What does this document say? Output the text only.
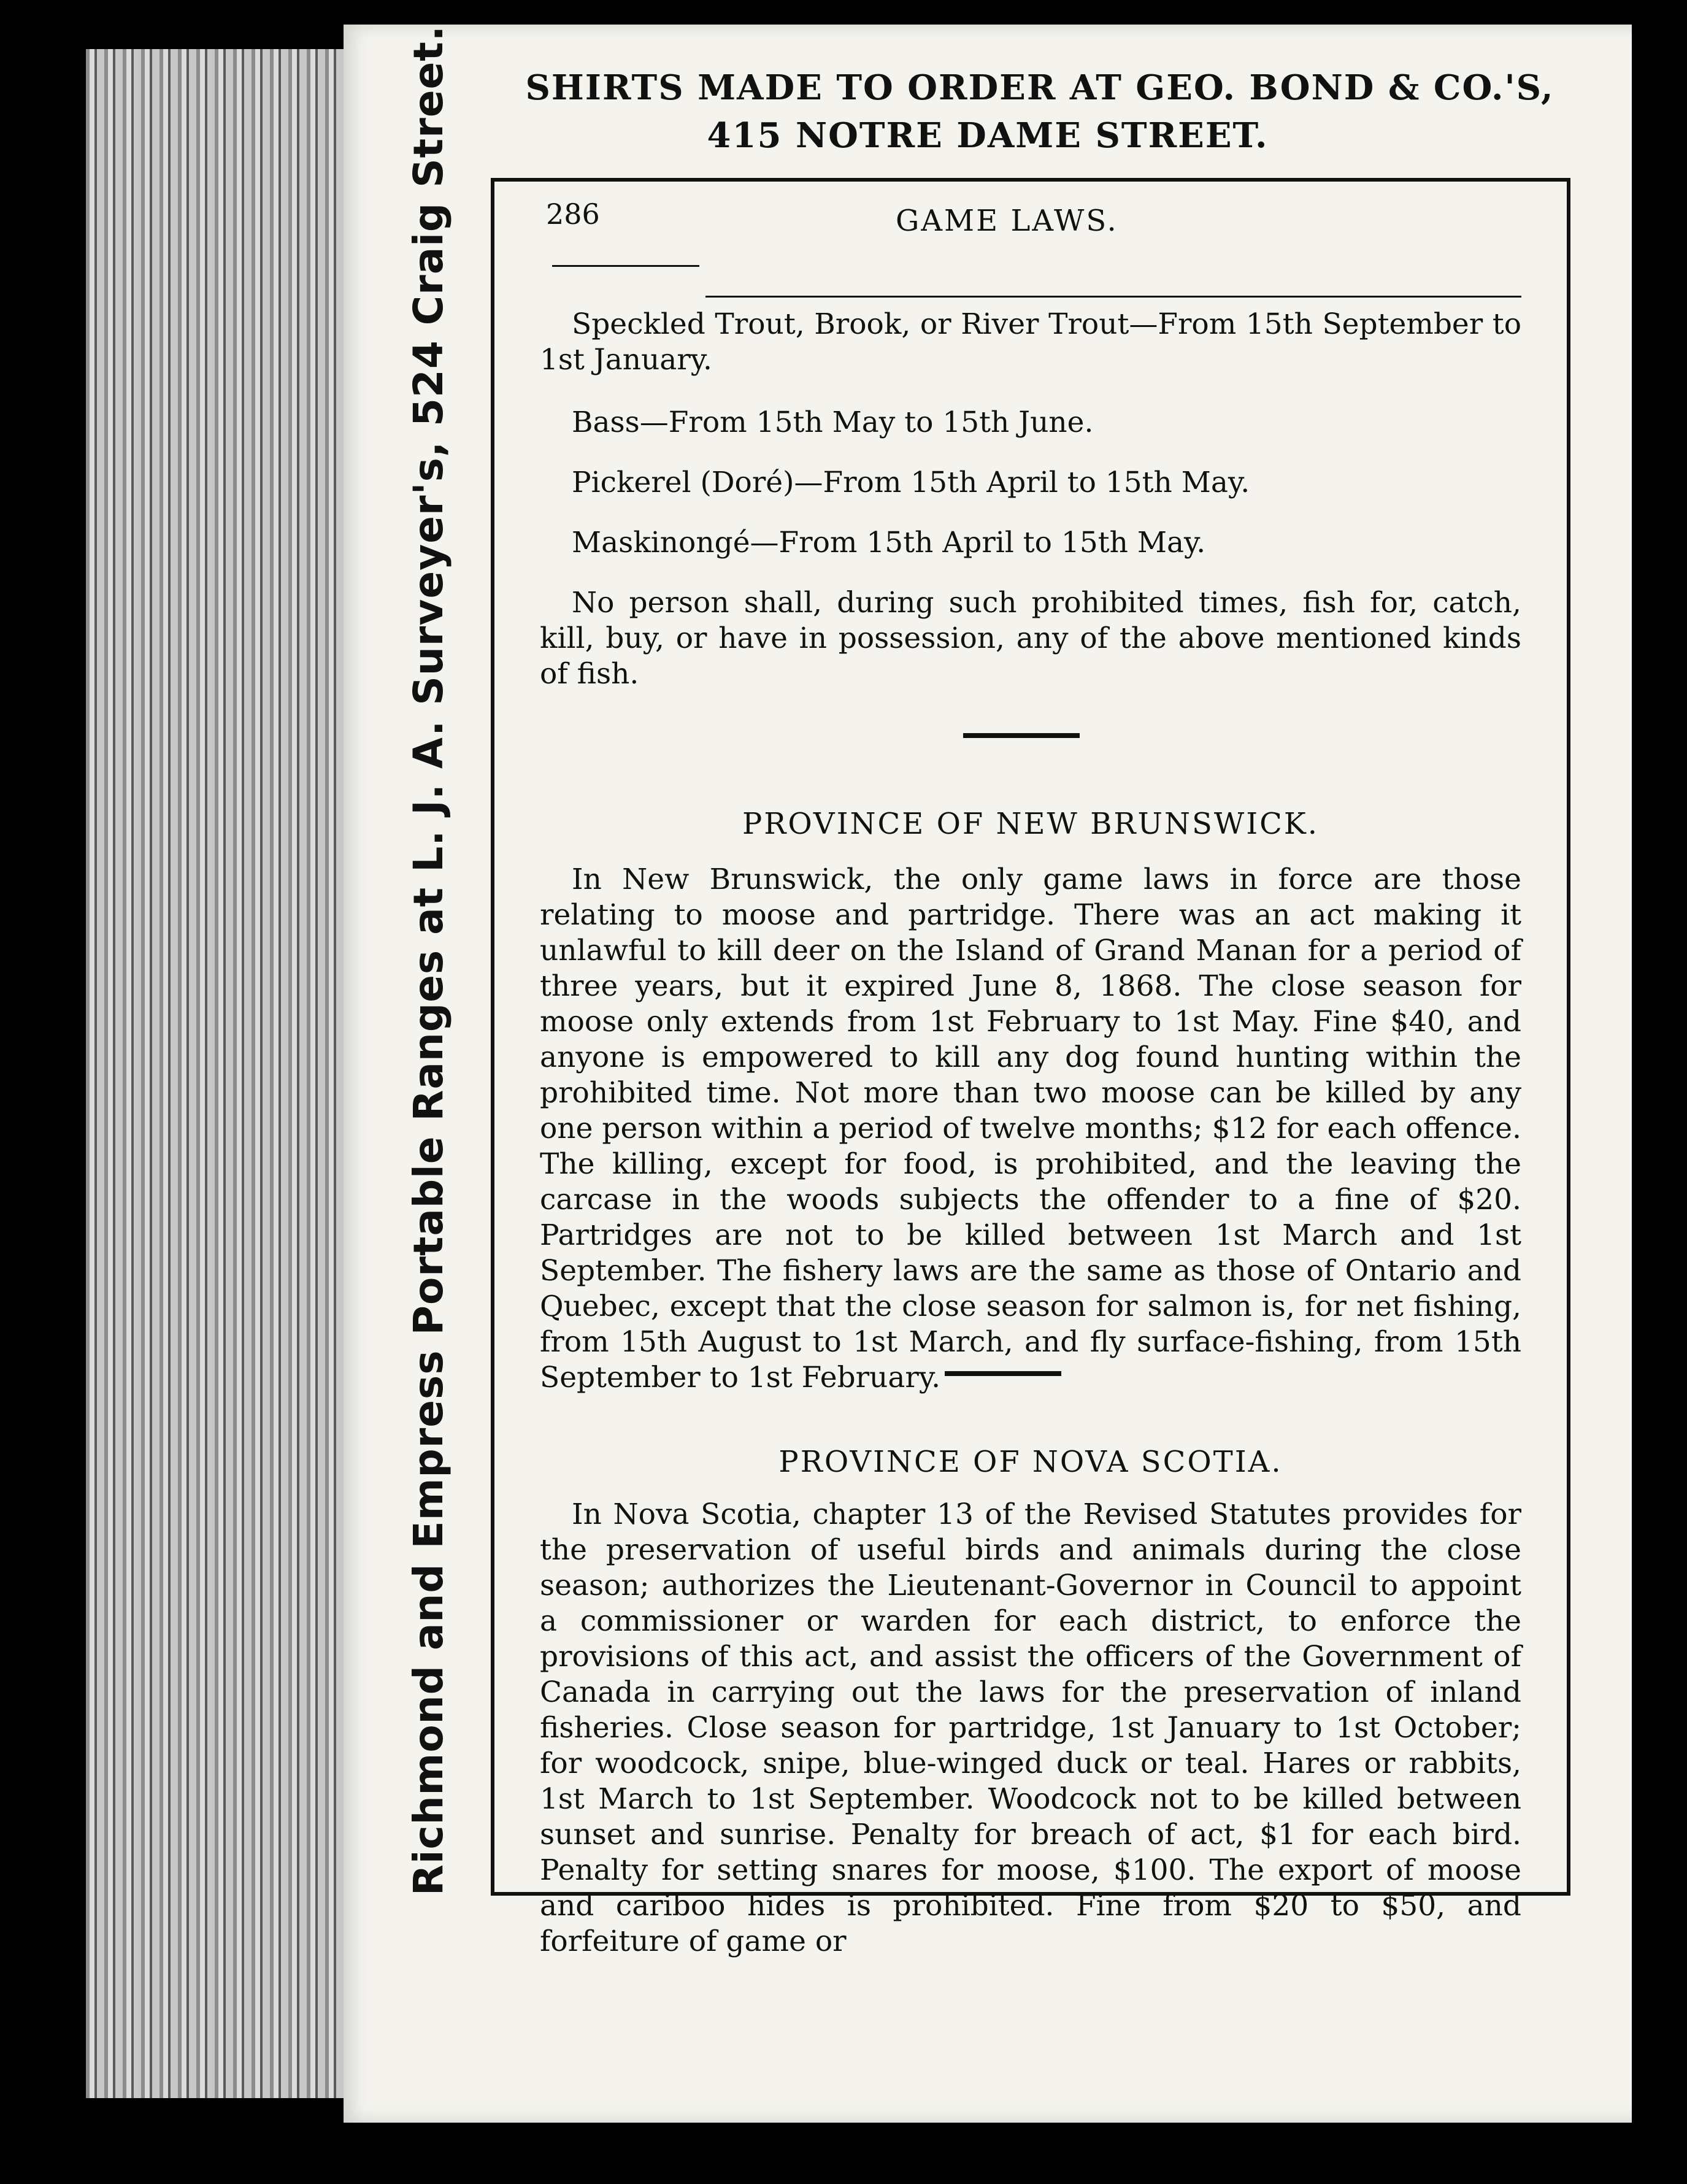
SHIRTS MADE TO ORDER AT GEO. BOND & CO.'S,
415 NOTRE DAME STREET.
Richmond and Empress Portable Ranges at L. J. A. Surveyer's, 524 Craig Street.	286	GAME LAWS.
Speckled Trout, Brook, or River Trout—From 15th September to 1st January.
Bass—From 15th May to 15th June.
Pickerel (Doré)—From 15th April to 15th May.
Maskinongé—From 15th April to 15th May.
No person shall, during such prohibited times, fish for, catch, kill, buy, or have in possession, any of the above mentioned kinds of fish.
PROVINCE OF NEW BRUNSWICK.
In New Brunswick, the only game laws in force are those relating to moose and partridge. There was an act making it unlawful to kill deer on the Island of Grand Manan for a period of three years, but it expired June 8, 1868. The close season for moose only extends from 1st February to 1st May. Fine $40, and anyone is empowered to kill any dog found hunting within the prohibited time. Not more than two moose can be killed by any one person within a period of twelve months; $12 for each offence. The killing, except for food, is prohibited, and the leaving the carcase in the woods subjects the offender to a fine of $20. Partridges are not to be killed between 1st March and 1st September. The fishery laws are the same as those of Ontario and Quebec, except that the close season for salmon is, for net fishing, from 15th August to 1st March, and fly surface-fishing, from 15th September to 1st February.
PROVINCE OF NOVA SCOTIA.
In Nova Scotia, chapter 13 of the Revised Statutes provides for the preservation of useful birds and animals during the close season; authorizes the Lieutenant-Governor in Council to appoint a commissioner or warden for each district, to enforce the provisions of this act, and assist the officers of the Government of Canada in carrying out the laws for the preservation of inland fisheries. Close season for partridge, 1st January to 1st October; for woodcock, snipe, blue-winged duck or teal. Hares or rabbits, 1st March to 1st September. Woodcock not to be killed between sunset and sunrise. Penalty for breach of act, $1 for each bird. Penalty for setting snares for moose, $100. The export of moose and cariboo hides is prohibited. Fine from $20 to $50, and forfeiture of game or
